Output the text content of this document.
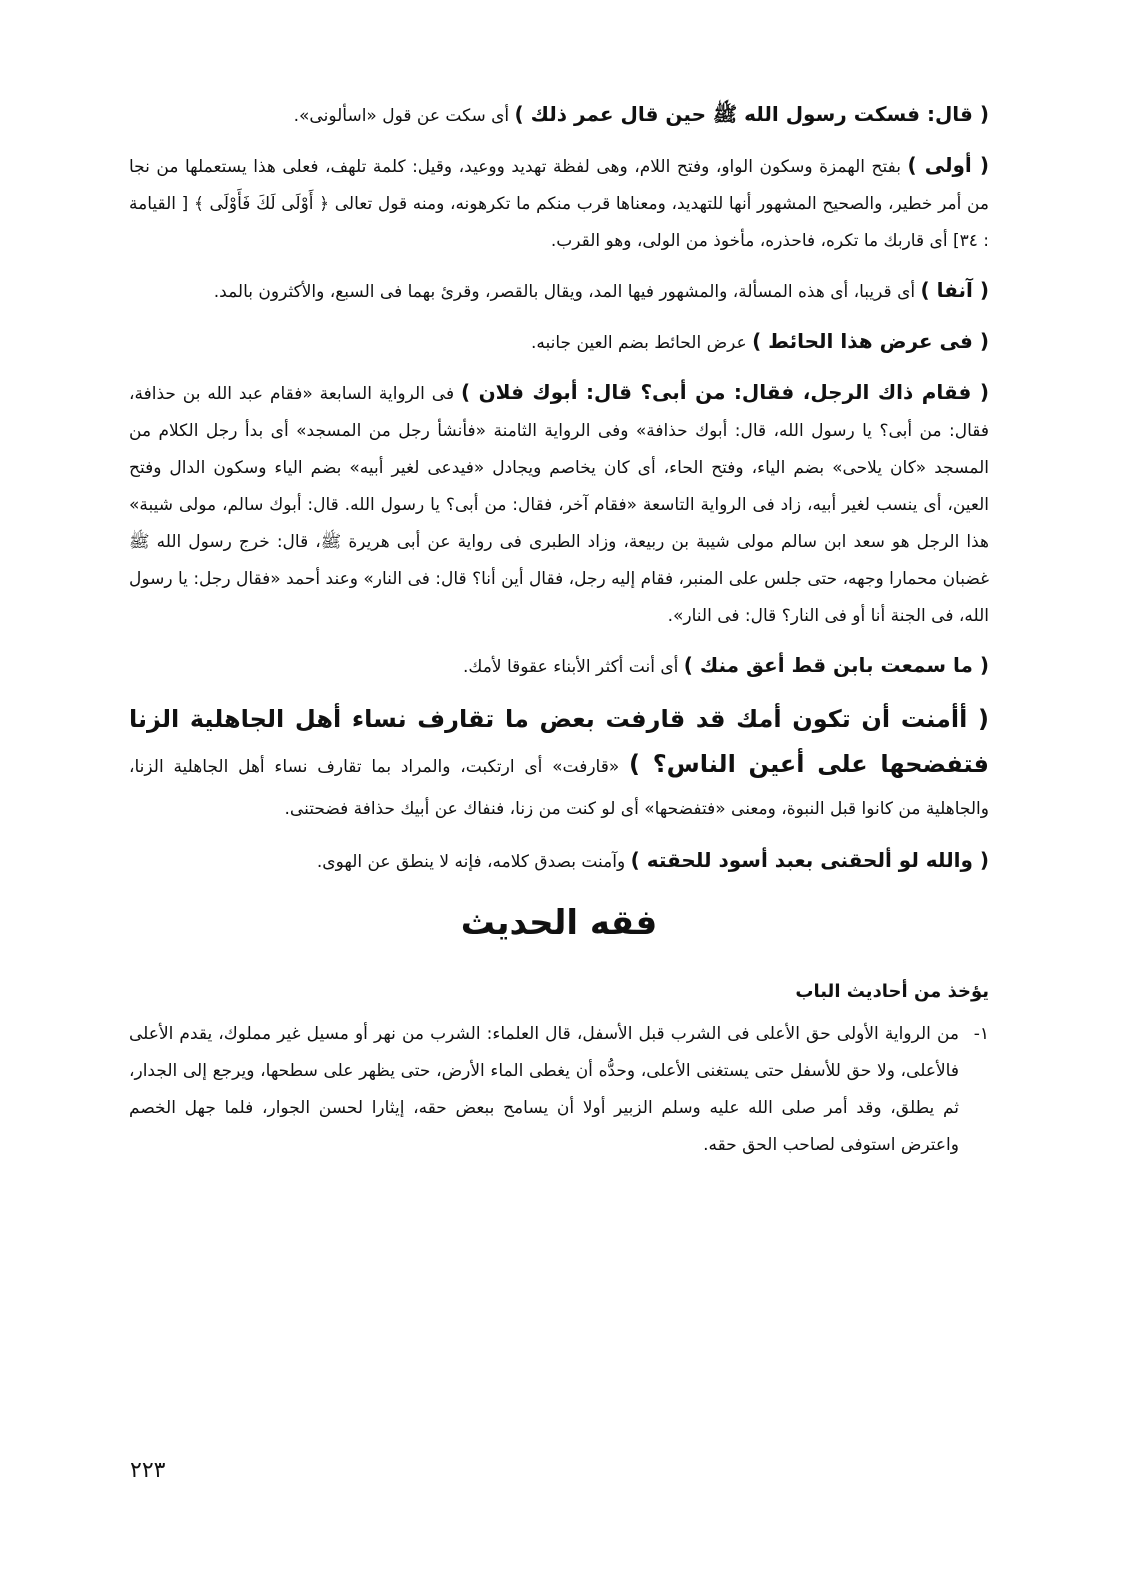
( قال: فسكت رسول الله ﷺ حين قال عمر ذلك ) أى سكت عن قول «اسألونى».

( أولى ) بفتح الهمزة وسكون الواو، وفتح اللام، وهى لفظة تهديد ووعيد، وقيل: كلمة تلهف، فعلى هذا يستعملها من نجا من أمر خطير، والصحيح المشهور أنها للتهديد، ومعناها قرب منكم ما تكرهونه، ومنه قول تعالى ﴿ أَوْلَى لَكَ فَأَوْلَى ﴾ [ القيامة : ٣٤] أى قاربك ما تكره، فاحذره، مأخوذ من الولى، وهو القرب.

( آنفا ) أى قريبا، أى هذه المسألة، والمشهور فيها المد، ويقال بالقصر، وقرئ بهما فى السبع، والأكثرون بالمد.

( فى عرض هذا الحائط ) عرض الحائط بضم العين جانبه.

( فقام ذاك الرجل، فقال: من أبى؟ قال: أبوك فلان ) فى الرواية السابعة «فقام عبد الله بن حذافة، فقال: من أبى؟ يا رسول الله، قال: أبوك حذافة» وفى الرواية الثامنة «فأنشأ رجل من المسجد» أى بدأ رجل الكلام من المسجد «كان يلاحى» بضم الياء، وفتح الحاء، أى كان يخاصم ويجادل «فيدعى لغير أبيه» بضم الياء وسكون الدال وفتح العين، أى ينسب لغير أبيه، زاد فى الرواية التاسعة «فقام آخر، فقال: من أبى؟ يا رسول الله. قال: أبوك سالم، مولى شيبة» هذا الرجل هو سعد ابن سالم مولى شيبة بن ربيعة، وزاد الطبرى فى رواية عن أبى هريرة ﷺ، قال: خرج رسول الله ﷺ غضبان محمارا وجهه، حتى جلس على المنبر، فقام إليه رجل، فقال أين أنا؟ قال: فى النار» وعند أحمد «فقال رجل: يا رسول الله، فى الجنة أنا أو فى النار؟ قال: فى النار».

( ما سمعت بابن قط أعق منك ) أى أنت أكثر الأبناء عقوقا لأمك.

( أأمنت أن تكون أمك قد قارفت بعض ما تقارف نساء أهل الجاهلية الزنا فتفضحها على أعين الناس؟ ) «قارفت» أى ارتكبت، والمراد بما تقارف نساء أهل الجاهلية الزنا، والجاهلية من كانوا قبل النبوة، ومعنى «فتفضحها» أى لو كنت من زنا، فنفاك عن أبيك حذافة فضحتنى.

( والله لو ألحقنى بعبد أسود للحقته ) وآمنت بصدق كلامه، فإنه لا ينطق عن الهوى.

فقه الحديث
يؤخذ من أحاديث الباب
١-
من الرواية الأولى حق الأعلى فى الشرب قبل الأسفل، قال العلماء: الشرب من نهر أو مسيل غير مملوك، يقدم الأعلى فالأعلى، ولا حق للأسفل حتى يستغنى الأعلى، وحدُّه أن يغطى الماء الأرض، حتى يظهر على سطحها، ويرجع إلى الجدار، ثم يطلق، وقد أمر صلى الله عليه وسلم الزبير أولا أن يسامح ببعض حقه، إيثارا لحسن الجوار، فلما جهل الخصم واعترض استوفى لصاحب الحق حقه.
٢٢٣
